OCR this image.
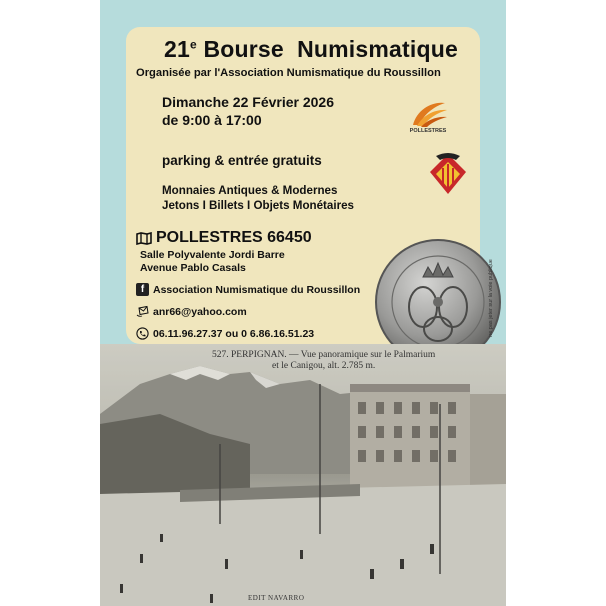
21e Bourse  Numismatique
Organisée par l'Association Numismatique du Roussillon
Dimanche 22 Février 2026
de 9:00 à 17:00
POLLESTRES
parking & entrée gratuits
Monnaies Antiques & Modernes
Jetons I Billets I Objets Monétaires
POLLESTRES 66450
Salle Polyvalente Jordi Barre
Avenue Pablo Casals
f Association Numismatique du Roussillon
anr66@yahoo.com
06.11.96.27.37 ou 0 6.86.16.51.23	ne pas jeter sur la voie publique
527. PERPIGNAN. — Vue panoramique sur le Palmarium
et le Canigou, alt. 2.785 m.
EDIT NAVARRO
